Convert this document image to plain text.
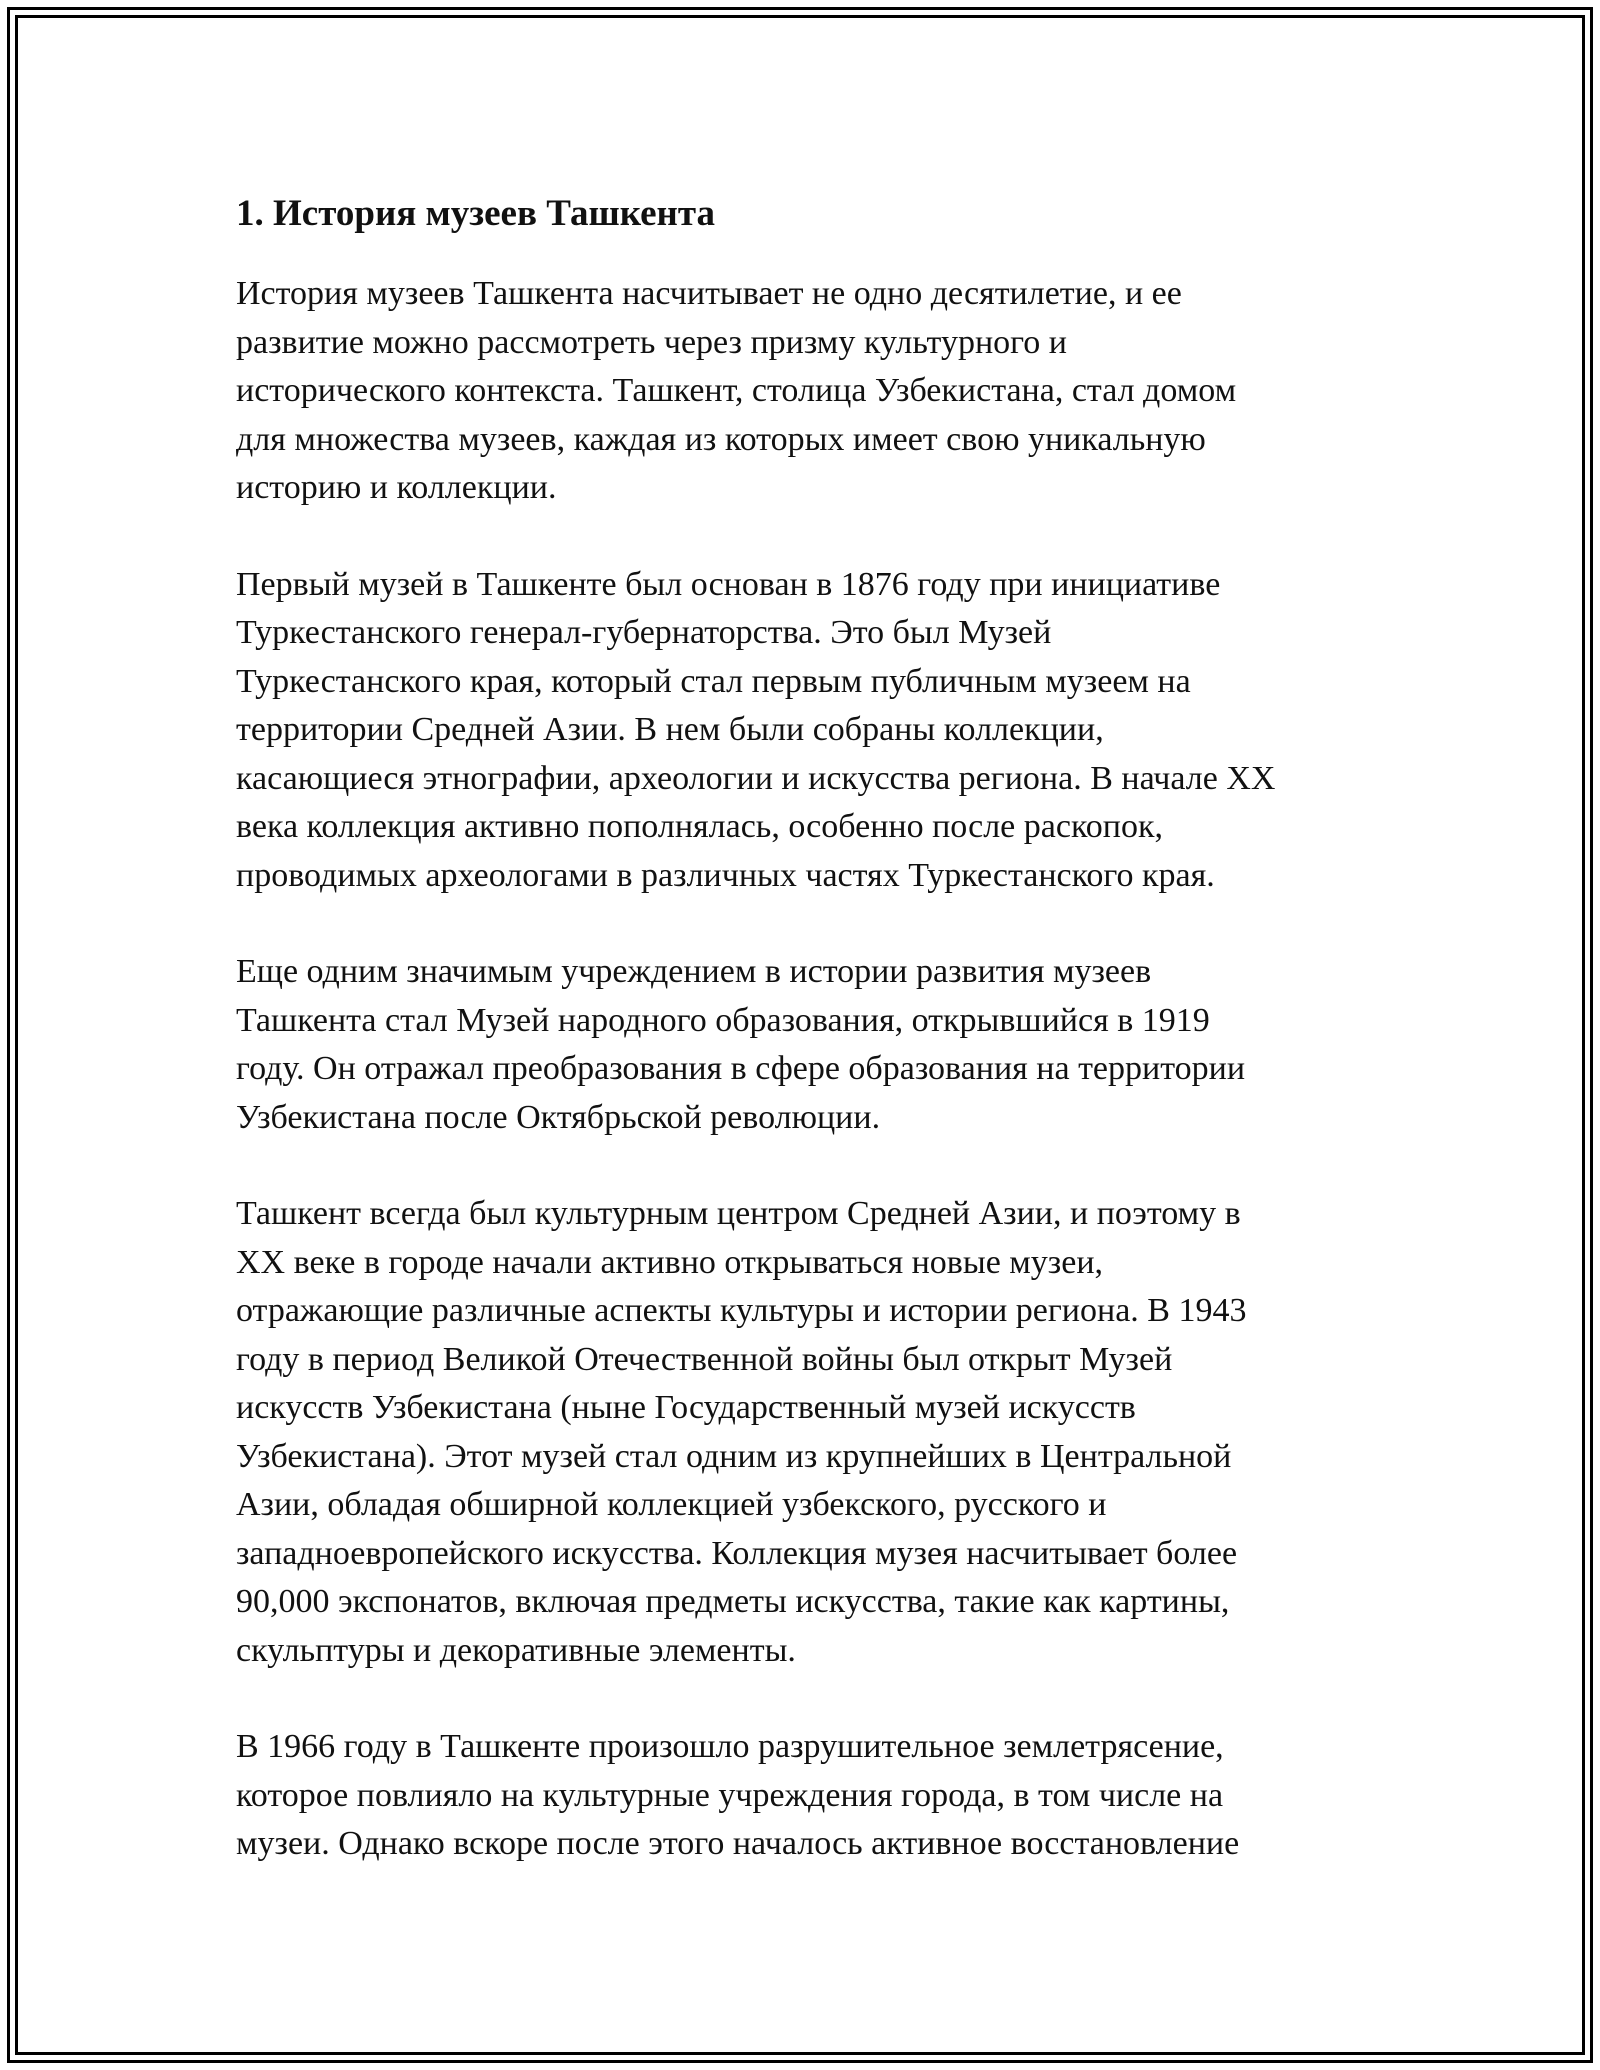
1. История музеев Ташкента
История музеев Ташкента насчитывает не одно десятилетие, и ее
развитие можно рассмотреть через призму культурного и
исторического контекста. Ташкент, столица Узбекистана, стал домом
для множества музеев, каждая из которых имеет свою уникальную
историю и коллекции.
Первый музей в Ташкенте был основан в 1876 году при инициативе
Туркестанского генерал-губернаторства. Это был Музей
Туркестанского края, который стал первым публичным музеем на
территории Средней Азии. В нем были собраны коллекции,
касающиеся этнографии, археологии и искусства региона. В начале XX
века коллекция активно пополнялась, особенно после раскопок,
проводимых археологами в различных частях Туркестанского края.
Еще одним значимым учреждением в истории развития музеев
Ташкента стал Музей народного образования, открывшийся в 1919
году. Он отражал преобразования в сфере образования на территории
Узбекистана после Октябрьской революции.
Ташкент всегда был культурным центром Средней Азии, и поэтому в
XX веке в городе начали активно открываться новые музеи,
отражающие различные аспекты культуры и истории региона. В 1943
году в период Великой Отечественной войны был открыт Музей
искусств Узбекистана (ныне Государственный музей искусств
Узбекистана). Этот музей стал одним из крупнейших в Центральной
Азии, обладая обширной коллекцией узбекского, русского и
западноевропейского искусства. Коллекция музея насчитывает более
90,000 экспонатов, включая предметы искусства, такие как картины,
скульптуры и декоративные элементы.
В 1966 году в Ташкенте произошло разрушительное землетрясение,
которое повлияло на культурные учреждения города, в том числе на
музеи. Однако вскоре после этого началось активное восстановление
